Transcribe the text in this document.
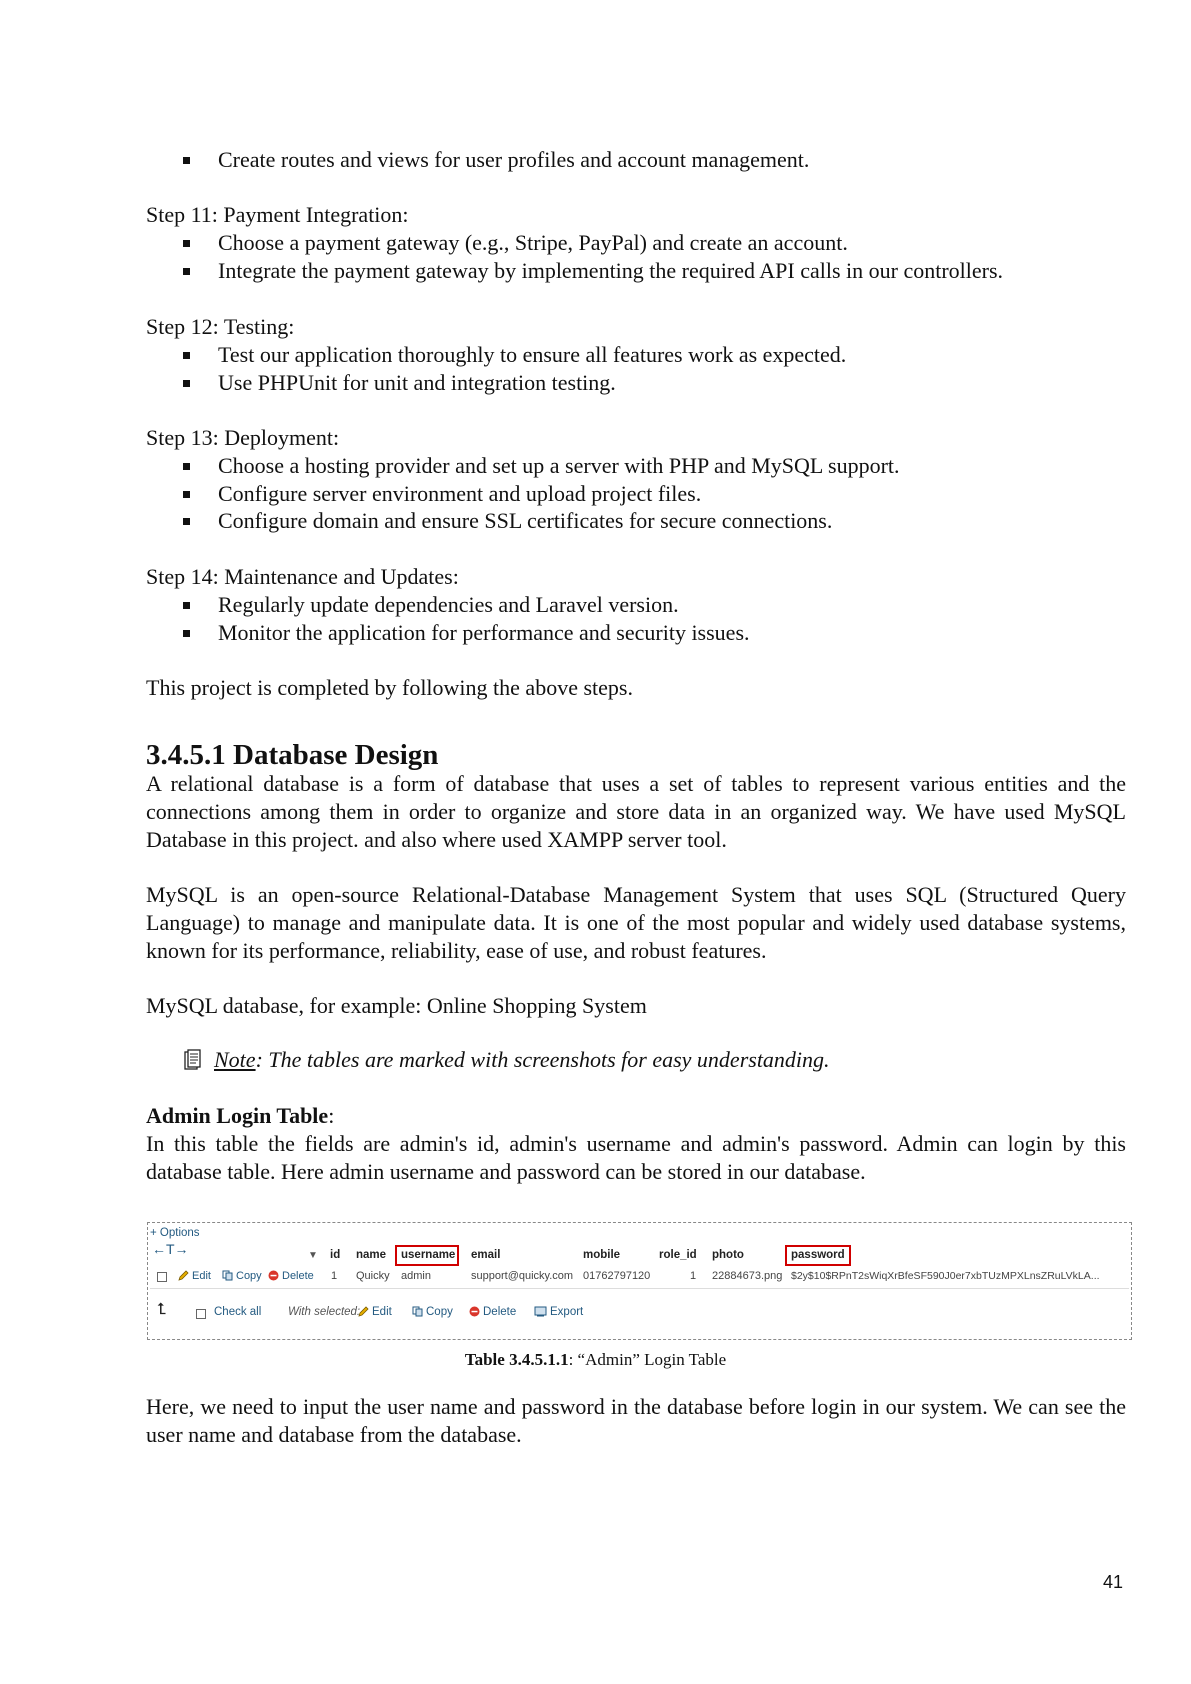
Create routes and views for user profiles and account management.

Step 11: Payment Integration:

Choose a payment gateway (e.g., Stripe, PayPal) and create an account.
Integrate the payment gateway by implementing the required API calls in our controllers.

Step 12: Testing:

Test our application thoroughly to ensure all features work as expected.
Use PHPUnit for unit and integration testing.

Step 13: Deployment:

Choose a hosting provider and set up a server with PHP and MySQL support.
Configure server environment and upload project files.
Configure domain and ensure SSL certificates for secure connections.

Step 14: Maintenance and Updates:

Regularly update dependencies and Laravel version.
Monitor the application for performance and security issues.

This project is completed by following the above steps.

3.4.5.1 Database Design

A relational database is a form of database that uses a set of tables to represent various entities and the connections among them in order to organize and store data in an organized way. We have used MySQL Database in this project. and also where used XAMPP server tool.

MySQL is an open-source Relational-Database Management System that uses SQL (Structured Query Language) to manage and manipulate data. It is one of the most popular and widely used database systems, known for its performance, reliability, ease of use, and robust features.

MySQL database, for example: Online Shopping System

Note: The tables are marked with screenshots for easy understanding.

Admin Login Table:

In this table the fields are admin's id, admin's username and admin's password. Admin can login by this database table. Here admin username and password can be stored in our database.

+ Options
←T→	▼ id name username email	mobile	role_id photo	password
Edit	Copy	Delete 1 Quicky admin	support@quicky.com 01762797120	1 22884673.png $2y$10$RPnT2sWiqXrBfeSF590J0er7xbTUzMPXLnsZRuLVkLA...
⮤	Check all With selected:	Edit	Copy	Delete	Export
Table 3.4.5.1.1: “Admin” Login Table

Here, we need to input the user name and password in the database before login in our system. We can see the user name and database from the database.

41
